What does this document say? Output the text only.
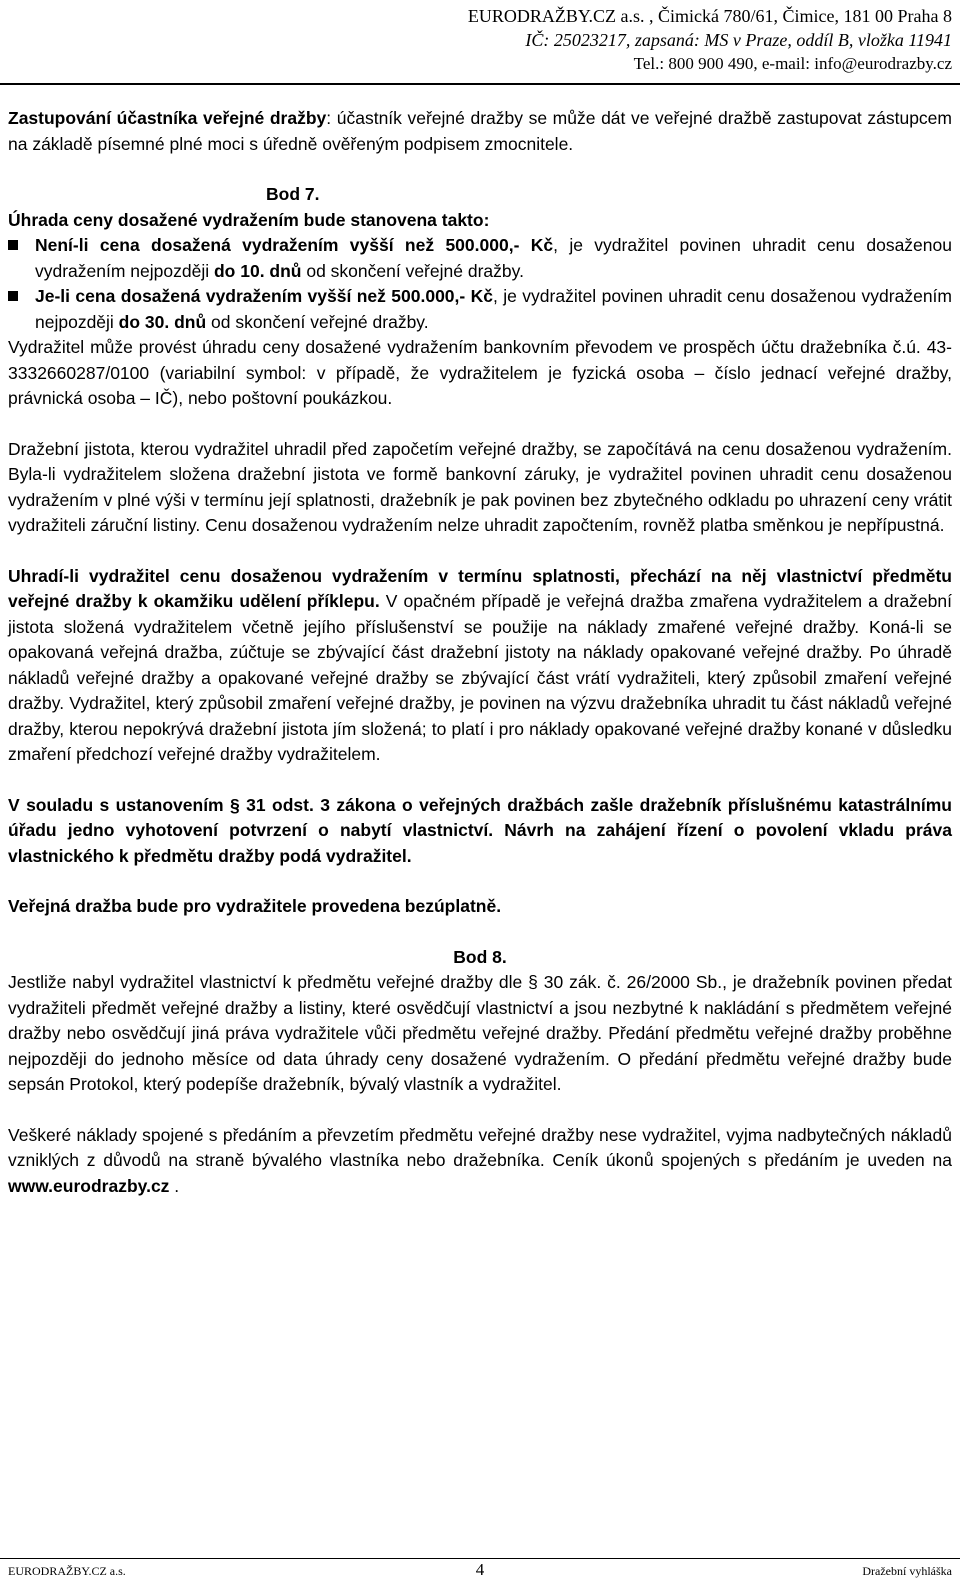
EURODRAŽBY.CZ a.s. , Čimická 780/61, Čimice, 181 00 Praha 8
IČ: 25023217, zapsaná: MS v Praze, oddíl B, vložka 11941
Tel.: 800 900 490, e-mail: info@eurodrazby.cz

Zastupování účastníka veřejné dražby: účastník veřejné dražby se může dát ve veřejné dražbě zastupovat zástupcem na základě písemné plné moci s úředně ověřeným podpisem zmocnitele.

Bod 7.

Úhrada ceny dosažené vydražením bude stanovena takto:

Není-li cena dosažená vydražením vyšší než 500.000,- Kč, je vydražitel povinen uhradit cenu dosaženou vydražením nejpozději do 10. dnů od skončení veřejné dražby.
Je-li cena dosažená vydražením vyšší než 500.000,- Kč, je vydražitel povinen uhradit cenu dosaženou vydražením nejpozději do 30. dnů od skončení veřejné dražby.

Vydražitel může provést úhradu ceny dosažené vydražením bankovním převodem ve prospěch účtu dražebníka č.ú. 43-3332660287/0100 (variabilní symbol: v případě, že vydražitelem je fyzická osoba – číslo jednací veřejné dražby, právnická osoba – IČ), nebo poštovní poukázkou.

Dražební jistota, kterou vydražitel uhradil před započetím veřejné dražby, se započítává na cenu dosaženou vydražením. Byla-li vydražitelem složena dražební jistota ve formě bankovní záruky, je vydražitel povinen uhradit cenu dosaženou vydražením v plné výši v termínu její splatnosti, dražebník je pak povinen bez zbytečného odkladu po uhrazení ceny vrátit vydražiteli záruční listiny. Cenu dosaženou vydražením nelze uhradit započtením, rovněž platba směnkou je nepřípustná.

Uhradí-li vydražitel cenu dosaženou vydražením v termínu splatnosti, přechází na něj vlastnictví předmětu veřejné dražby k okamžiku udělení příklepu. V opačném případě je veřejná dražba zmařena vydražitelem a dražební jistota složená vydražitelem včetně jejího příslušenství se použije na náklady zmařené veřejné dražby. Koná-li se opakovaná veřejná dražba, zúčtuje se zbývající část dražební jistoty na náklady opakované veřejné dražby. Po úhradě nákladů veřejné dražby a opakované veřejné dražby se zbývající část vrátí vydražiteli, který způsobil zmaření veřejné dražby. Vydražitel, který způsobil zmaření veřejné dražby, je povinen na výzvu dražebníka uhradit tu část nákladů veřejné dražby, kterou nepokrývá dražební jistota jím složená; to platí i pro náklady opakované veřejné dražby konané v důsledku zmaření předchozí veřejné dražby vydražitelem.

V souladu s ustanovením § 31 odst. 3 zákona o veřejných dražbách zašle dražebník příslušnému katastrálnímu úřadu jedno vyhotovení potvrzení o nabytí vlastnictví. Návrh na zahájení řízení o povolení vkladu práva vlastnického k předmětu dražby podá vydražitel.

Veřejná dražba bude pro vydražitele provedena bezúplatně.

Bod 8.

Jestliže nabyl vydražitel vlastnictví k předmětu veřejné dražby dle § 30 zák. č. 26/2000 Sb., je dražebník povinen předat vydražiteli předmět veřejné dražby a listiny, které osvědčují vlastnictví a jsou nezbytné k nakládání s předmětem veřejné dražby nebo osvědčují jiná práva vydražitele vůči předmětu veřejné dražby. Předání předmětu veřejné dražby proběhne nejpozději do jednoho měsíce od data úhrady ceny dosažené vydražením. O předání předmětu veřejné dražby bude sepsán Protokol, který podepíše dražebník, bývalý vlastník a vydražitel.

Veškeré náklady spojené s předáním a převzetím předmětu veřejné dražby nese vydražitel, vyjma nadbytečných nákladů vzniklých z důvodů na straně bývalého vlastníka nebo dražebníka. Ceník úkonů spojených s předáním je uveden na www.eurodrazby.cz .

EURODRAŽBY.CZ a.s.	4	Dražební vyhláška
